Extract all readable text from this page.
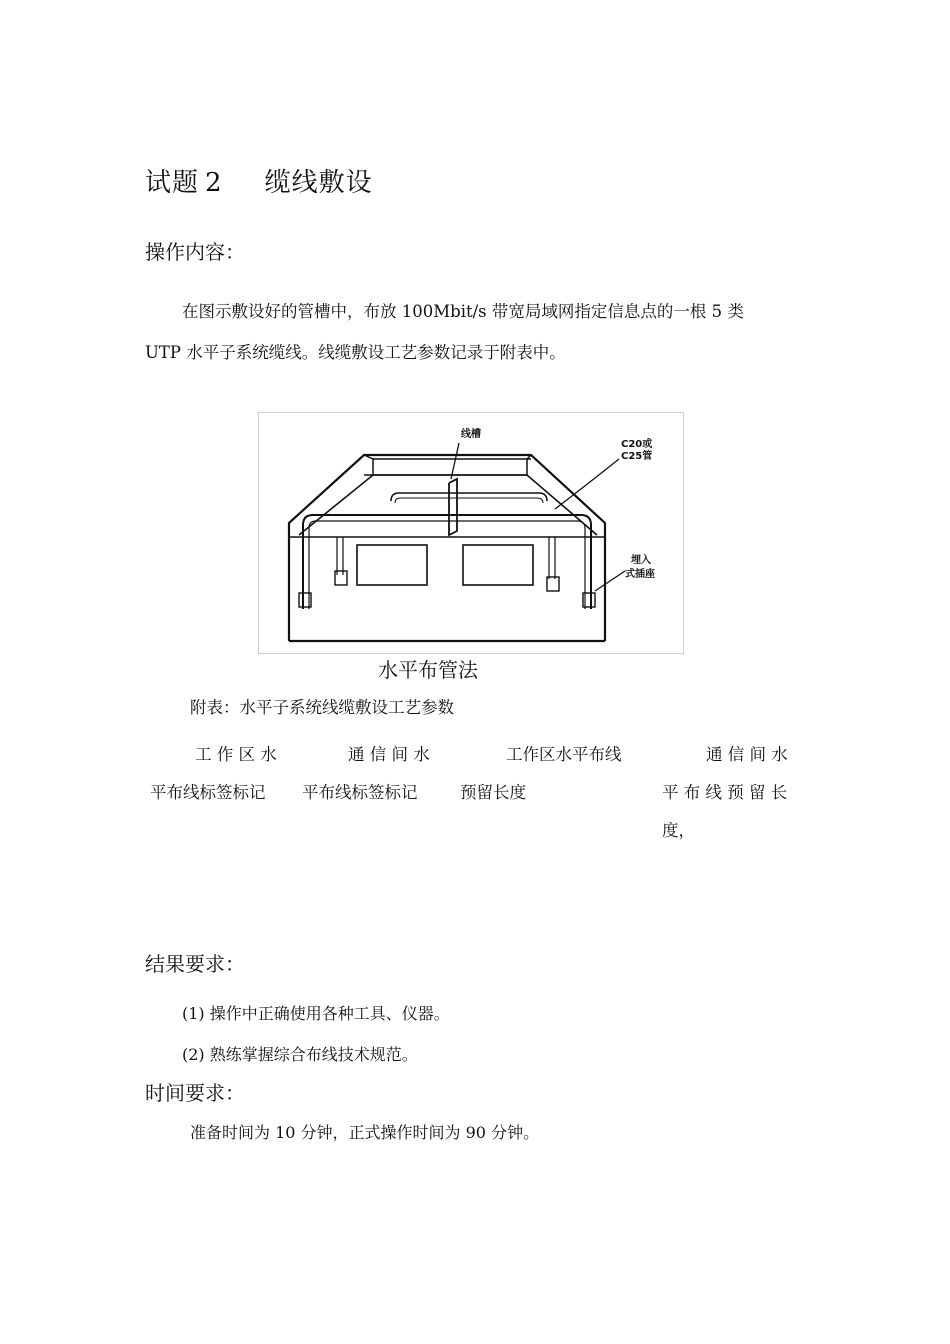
试题 2 缆线敷设
操作内容：
在图示敷设好的管槽中，布放 100Mbit/s 带宽局域网指定信息点的一根 5 类
UTP 水平子系统缆线。线缆敷设工艺参数记录于附表中。
线槽
C20或
C25管
埋入
式插座
水平布管法
附表：水平子系统线缆敷设工艺参数
工 作 区 水
平布线标签标记
通 信 间 水
平布线标签标记
工作区水平布线
预留长度
通 信 间 水
平 布 线 预 留 长
度，
结果要求：
(1) 操作中正确使用各种工具、仪器。
(2) 熟练掌握综合布线技术规范。
时间要求：
准备时间为 10 分钟，正式操作时间为 90 分钟。
